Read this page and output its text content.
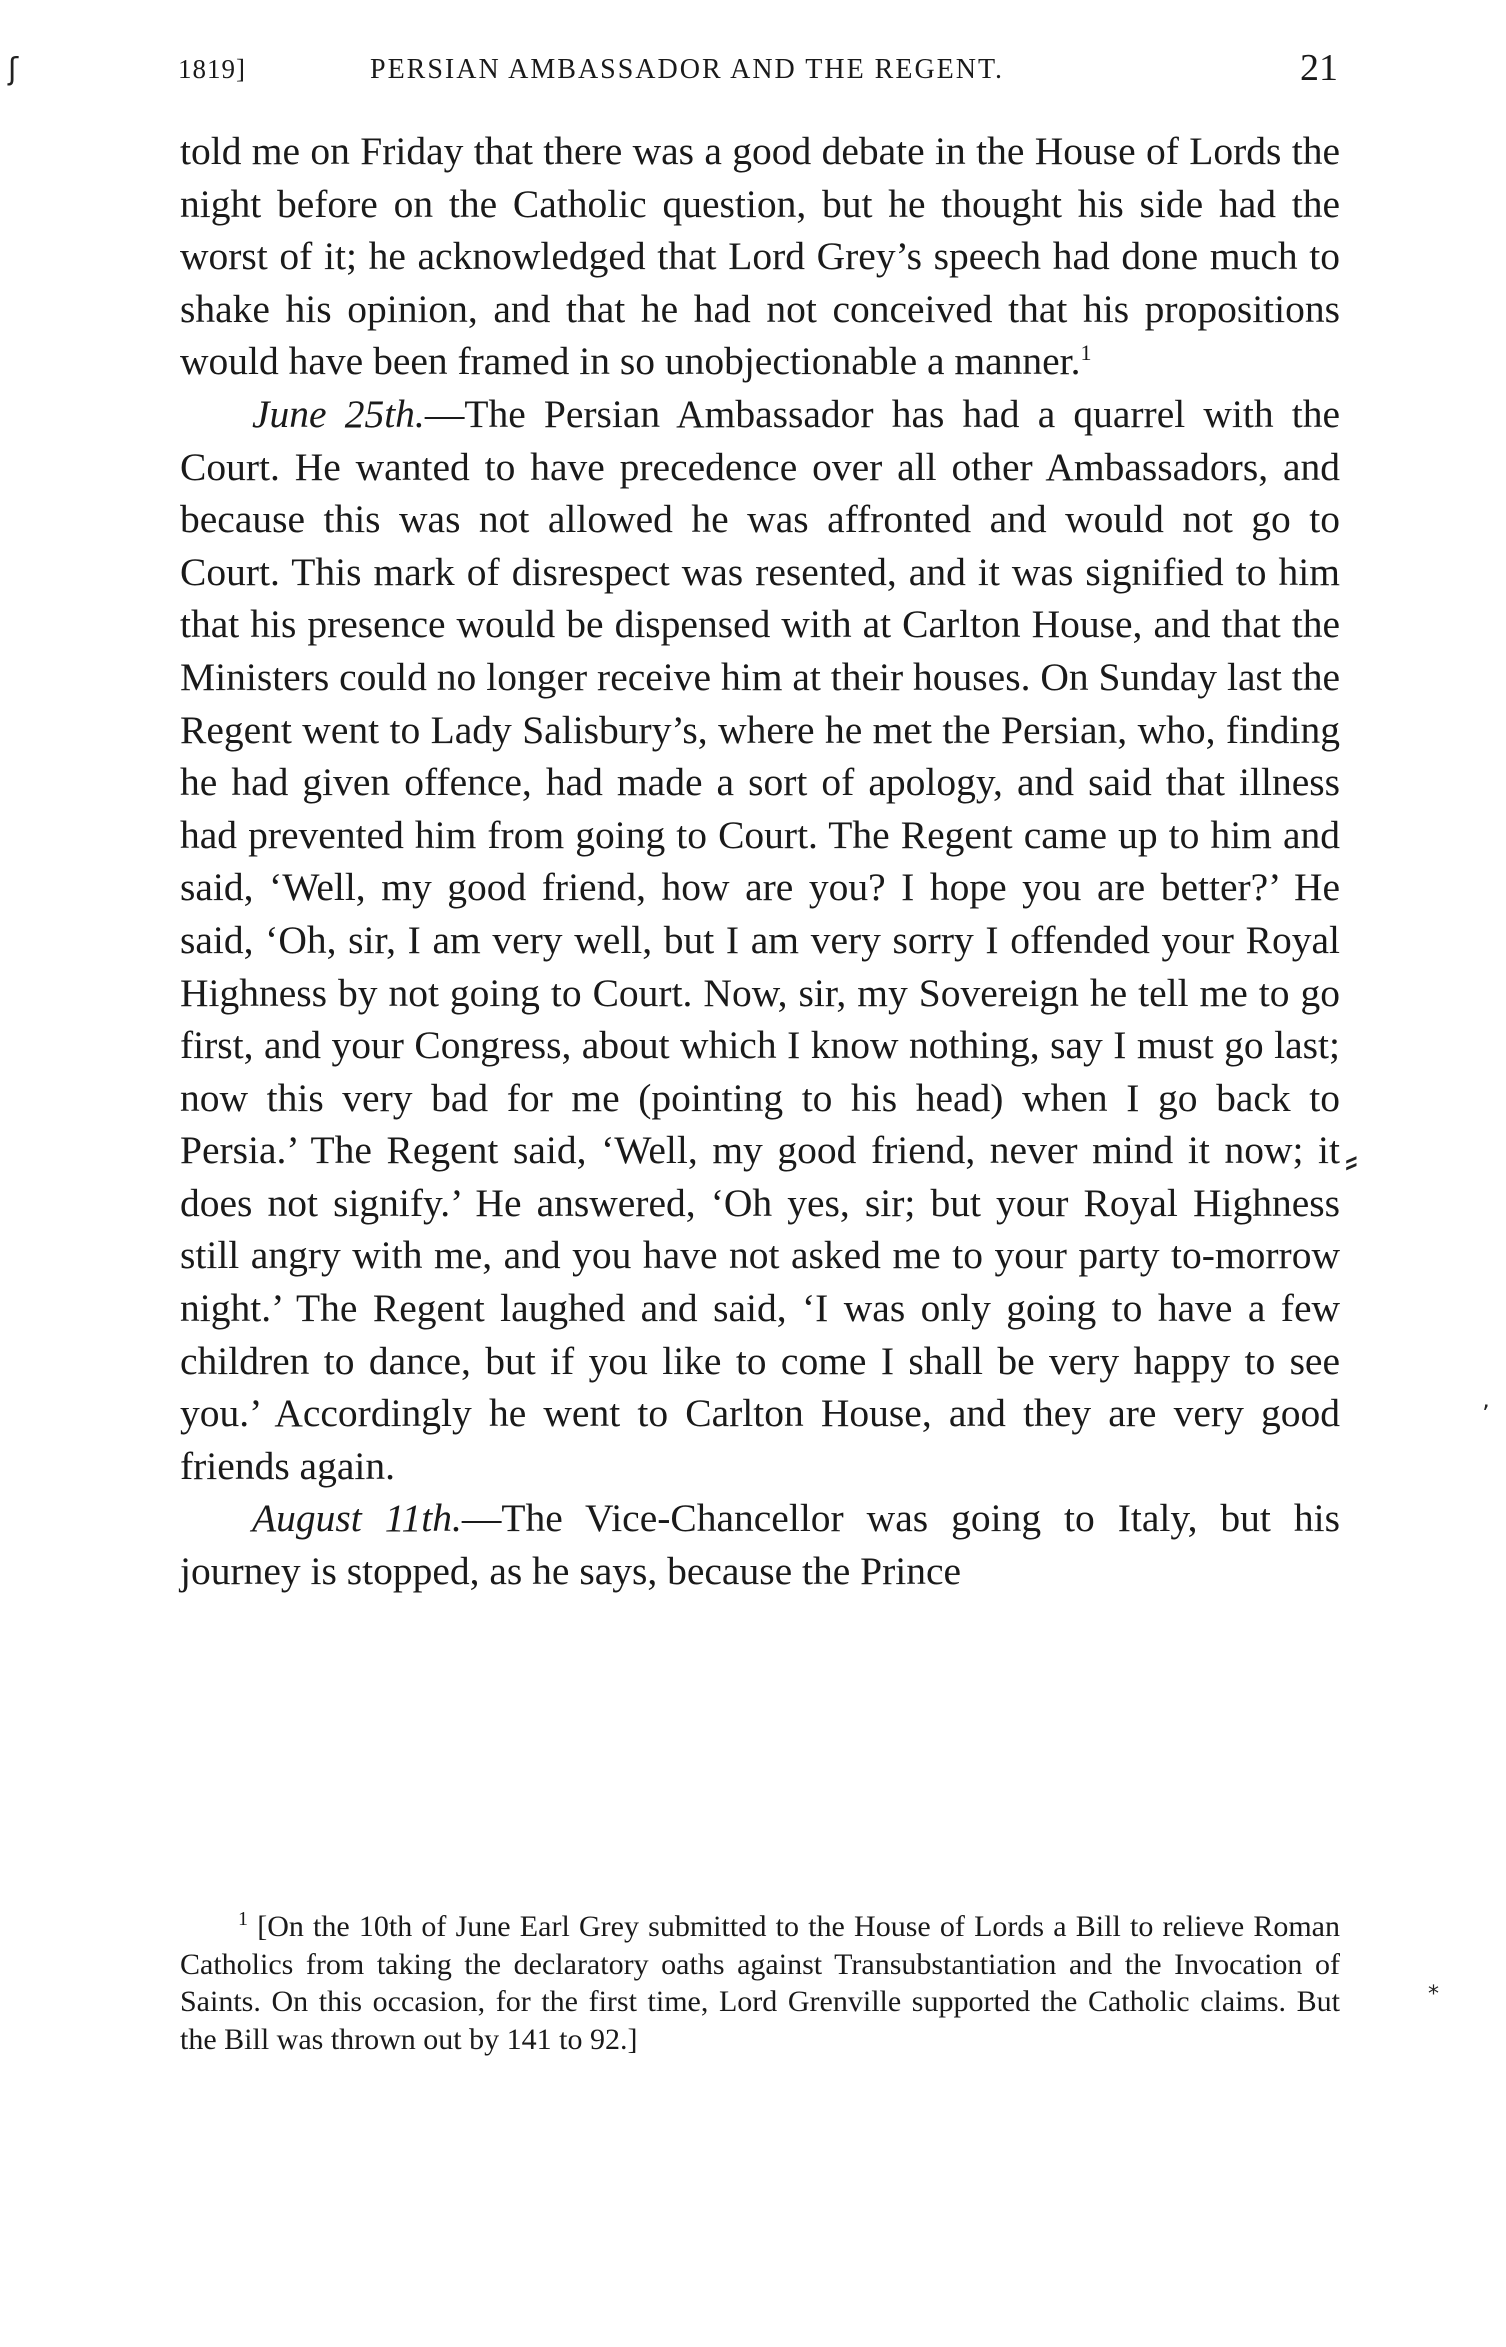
1819]	PERSIAN AMBASSADOR AND THE REGENT.	21

told me on Friday that there was a good debate in the House of Lords the night before on the Catholic question, but he thought his side had the worst of it; he acknowledged that Lord Grey’s speech had done much to shake his opinion, and that he had not conceived that his propositions would have been framed in so unobjectionable a manner.$^1$

June 25th.—The Persian Ambassador has had a quarrel with the Court. He wanted to have precedence over all other Ambassadors, and because this was not allowed he was affronted and would not go to Court. This mark of disrespect was resented, and it was signified to him that his presence would be dispensed with at Carlton House, and that the Ministers could no longer receive him at their houses. On Sunday last the Regent went to Lady Salisbury’s, where he met the Persian, who, finding he had given offence, had made a sort of apology, and said that illness had prevented him from going to Court. The Regent came up to him and said, ‘Well, my good friend, how are you? I hope you are better?’ He said, ‘Oh, sir, I am very well, but I am very sorry I offended your Royal Highness by not going to Court. Now, sir, my Sovereign he tell me to go first, and your Congress, about which I know nothing, say I must go last; now this very bad for me (pointing to his head) when I go back to Persia.’ The Regent said, ‘Well, my good friend, never mind it now; it does not signify.’ He answered, ‘Oh yes, sir; but your Royal Highness still angry with me, and you have not asked me to your party to-morrow night.’ The Regent laughed and said, ‘I was only going to have a few children to dance, but if you like to come I shall be very happy to see you.’ Accordingly he went to Carlton House, and they are very good friends again.

August 11th.—The Vice-Chancellor was going to Italy, but his journey is stopped, as he says, because the Prince

$^1$ [On the 10th of June Earl Grey submitted to the House of Lords a Bill to relieve Roman Catholics from taking the declaratory oaths against Transubstantiation and the Invocation of Saints. On this occasion, for the first time, Lord Grenville supported the Catholic claims. But the Bill was thrown out by 141 to 92.]

ʃ
⸗
ʼ
⁎
